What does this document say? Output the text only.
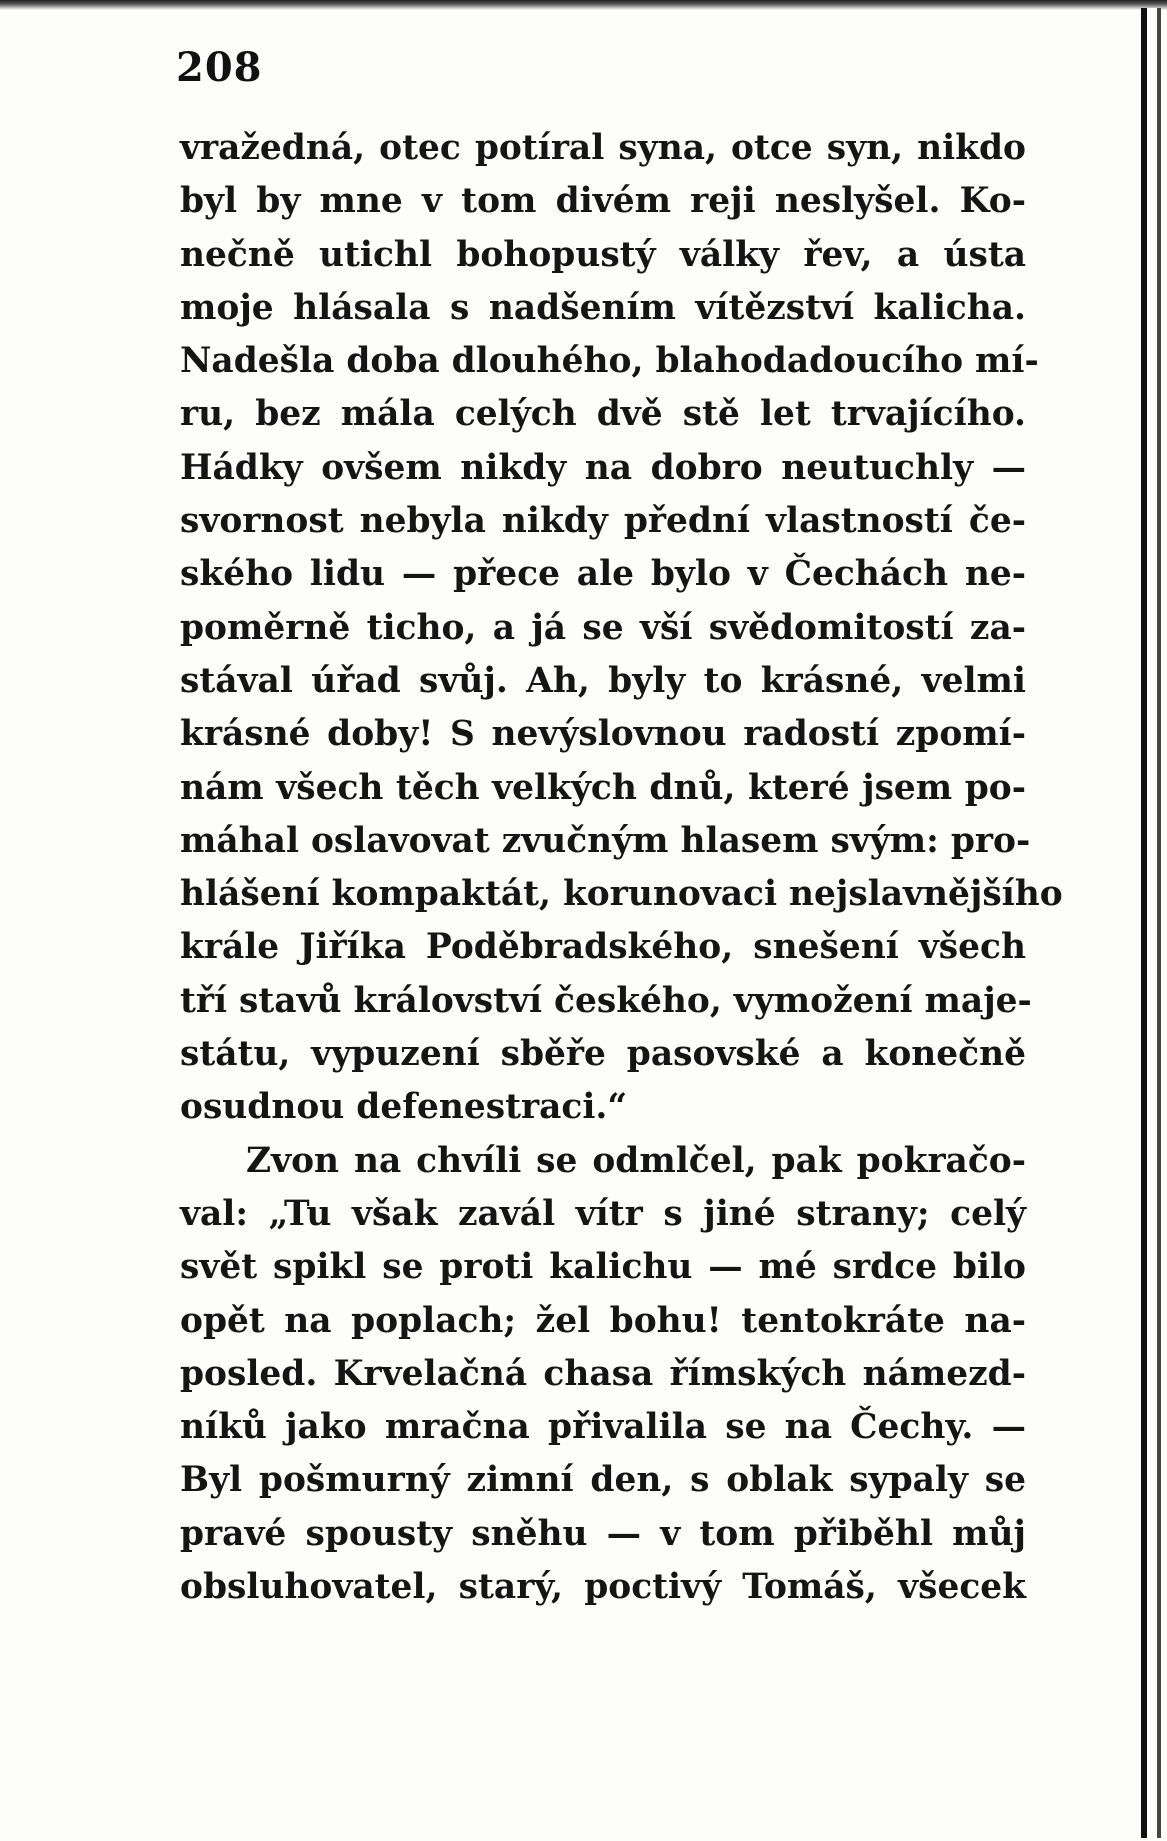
208
vražedná, otec potíral syna, otce syn, nikdo
byl by mne v tom divém reji neslyšel. Ko-
nečně utichl bohopustý války řev, a ústa
moje hlásala s nadšením vítězství kalicha.
Nadešla doba dlouhého, blahodadoucího mí-
ru, bez mála celých dvě stě let trvajícího.
Hádky ovšem nikdy na dobro neutuchly —
svornost nebyla nikdy přední vlastností če-
ského lidu — přece ale bylo v Čechách ne-
poměrně ticho, a já se vší svědomitostí za-
stával úřad svůj. Ah, byly to krásné, velmi
krásné doby! S nevýslovnou radostí zpomí-
nám všech těch velkých dnů, které jsem po-
máhal oslavovat zvučným hlasem svým: pro-
hlášení kompaktát, korunovaci nejslavnějšího
krále Jiříka Poděbradského, snešení všech
tří stavů království českého, vymožení maje-
státu, vypuzení sběře pasovské a konečně
osudnou defenestraci.“
Zvon na chvíli se odmlčel, pak pokračo-
val: „Tu však zavál vítr s jiné strany; celý
svět spikl se proti kalichu — mé srdce bilo
opět na poplach; žel bohu! tentokráte na-
posled. Krvelačná chasa římských námezd-
níků jako mračna přivalila se na Čechy. —
Byl pošmurný zimní den, s oblak sypaly se
pravé spousty sněhu — v tom přiběhl můj
obsluhovatel, starý, poctivý Tomáš, všecek
